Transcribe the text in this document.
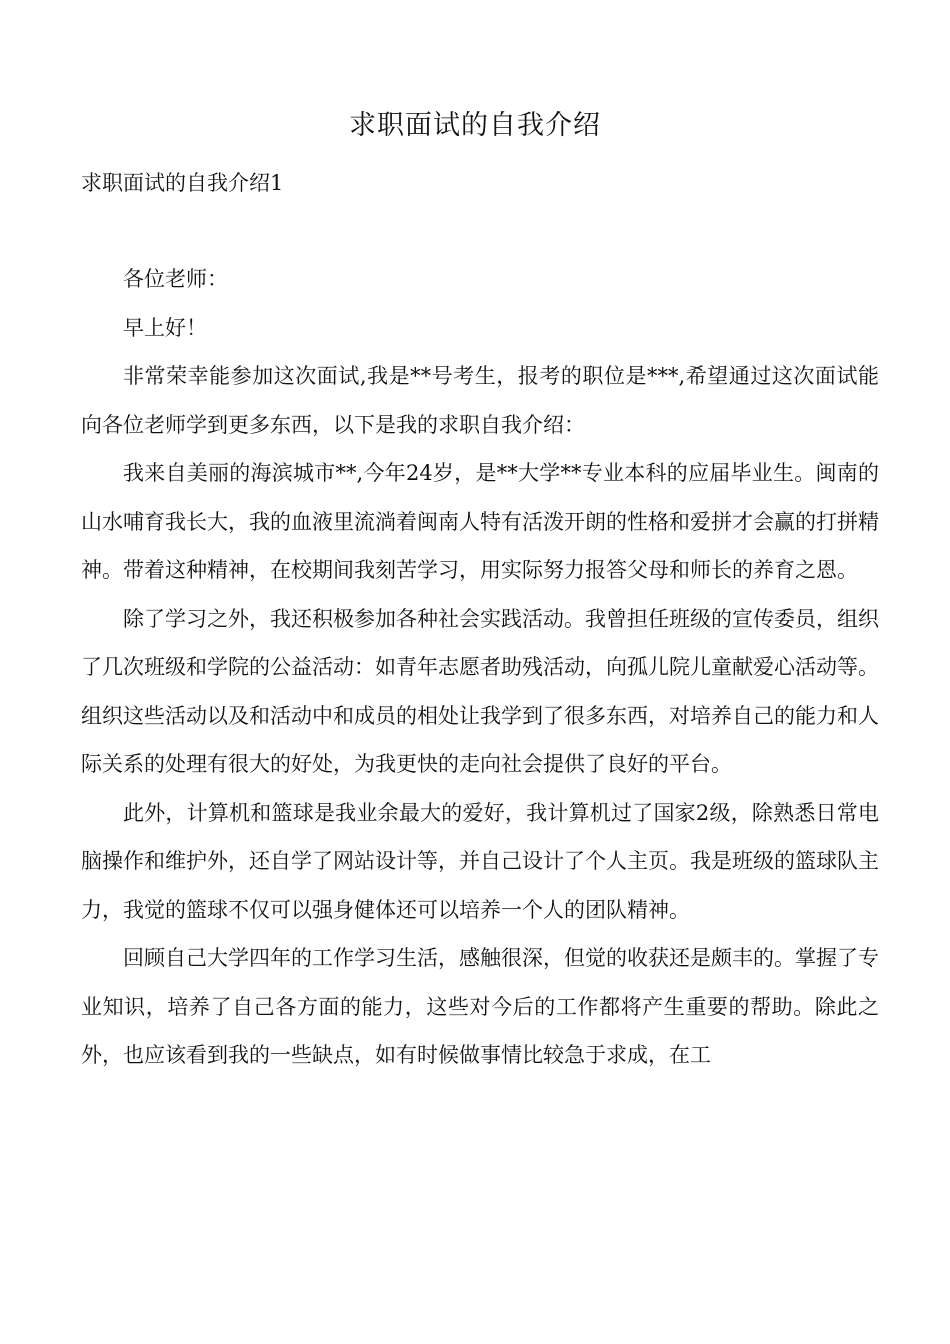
求职面试的自我介绍
求职面试的自我介绍1

各位老师：

早上好！

非常荣幸能参加这次面试,我是**号考生，报考的职位是***,希望通过这次面试能向各位老师学到更多东西，以下是我的求职自我介绍：

我来自美丽的海滨城市**,今年24岁，是**大学**专业本科的应届毕业生。闽南的山水哺育我长大，我的血液里流淌着闽南人特有活泼开朗的性格和爱拼才会赢的打拼精神。带着这种精神，在校期间我刻苦学习，用实际努力报答父母和师长的养育之恩。

除了学习之外，我还积极参加各种社会实践活动。我曾担任班级的宣传委员，组织了几次班级和学院的公益活动：如青年志愿者助残活动，向孤儿院儿童献爱心活动等。组织这些活动以及和活动中和成员的相处让我学到了很多东西，对培养自己的能力和人际关系的处理有很大的好处，为我更快的走向社会提供了良好的平台。

此外，计算机和篮球是我业余最大的爱好，我计算机过了国家2级，除熟悉日常电脑操作和维护外，还自学了网站设计等，并自己设计了个人主页。我是班级的篮球队主力，我觉的篮球不仅可以强身健体还可以培养一个人的团队精神。

回顾自己大学四年的工作学习生活，感触很深，但觉的收获还是颇丰的。掌握了专业知识，培养了自己各方面的能力，这些对今后的工作都将产生重要的帮助。除此之外，也应该看到我的一些缺点，如有时候做事情比较急于求成，在工
